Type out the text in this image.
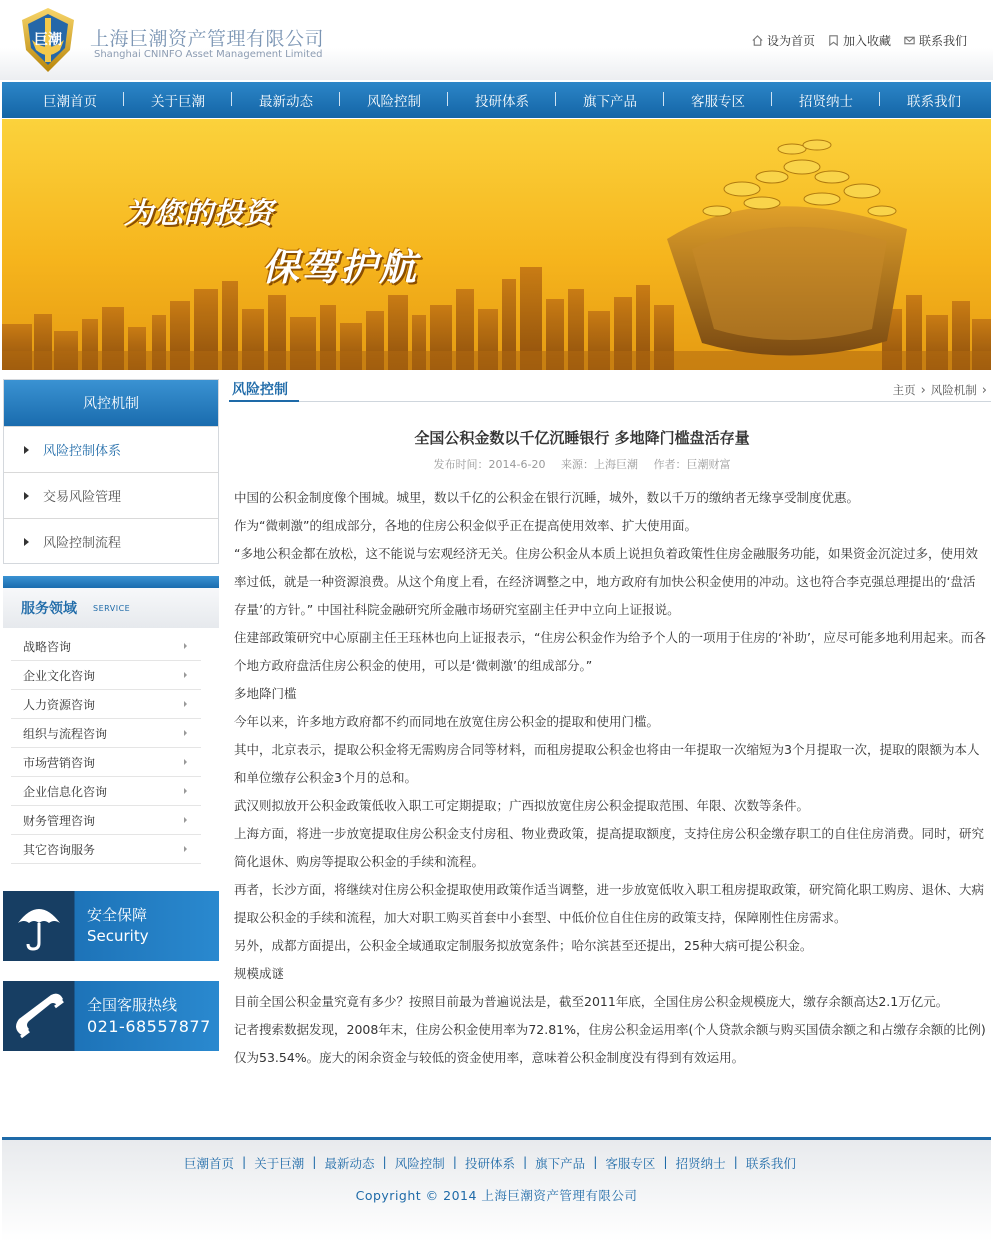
巨潮 上海巨潮资产管理有限公司
Shanghai CNINFO Asset Management Limited
设为首页 加入收藏 联系我们
巨潮首页	关于巨潮	最新动态	风险控制	投研体系	旗下产品	客服专区	招贤纳士	联系我们
为您的投资
保驾护航
风控机制
风险控制体系
交易风险管理
风险控制流程
服务领域 SERVICE
战略咨询
企业文化咨询
人力资源咨询
组织与流程咨询
市场营销咨询
企业信息化咨询
财务管理咨询
其它咨询服务
安全保障
Security
全国客服热线
021-68557877
风险控制	主页 › 风险机制 ›
全国公积金数以千亿沉睡银行 多地降门槛盘活存量
发布时间：2014-6-20 来源：上海巨潮 作者：巨潮财富

中国的公积金制度像个围城。城里，数以千亿的公积金在银行沉睡，城外，数以千万的缴纳者无缘享受制度优惠。

作为“微刺激”的组成部分，各地的住房公积金似乎正在提高使用效率、扩大使用面。

“多地公积金都在放松，这不能说与宏观经济无关。住房公积金从本质上说担负着政策性住房金融服务功能，如果资金沉淀过多，使用效率过低，就是一种资源浪费。从这个角度上看，在经济调整之中，地方政府有加快公积金使用的冲动。这也符合李克强总理提出的‘盘活存量’的方针。” 中国社科院金融研究所金融市场研究室副主任尹中立向上证报说。

住建部政策研究中心原副主任王珏林也向上证报表示，“住房公积金作为给予个人的一项用于住房的‘补助’，应尽可能多地利用起来。而各个地方政府盘活住房公积金的使用，可以是‘微刺激’的组成部分。”

多地降门槛

今年以来，许多地方政府都不约而同地在放宽住房公积金的提取和使用门槛。

其中，北京表示，提取公积金将无需购房合同等材料，而租房提取公积金也将由一年提取一次缩短为3个月提取一次，提取的限额为本人和单位缴存公积金3个月的总和。

武汉则拟放开公积金政策低收入职工可定期提取；广西拟放宽住房公积金提取范围、年限、次数等条件。

上海方面，将进一步放宽提取住房公积金支付房租、物业费政策，提高提取额度，支持住房公积金缴存职工的自住住房消费。同时，研究简化退休、购房等提取公积金的手续和流程。

再者，长沙方面，将继续对住房公积金提取使用政策作适当调整，进一步放宽低收入职工租房提取政策，研究简化职工购房、退休、大病提取公积金的手续和流程，加大对职工购买首套中小套型、中低价位自住住房的政策支持，保障刚性住房需求。

另外，成都方面提出，公积金全域通取定制服务拟放宽条件；哈尔滨甚至还提出，25种大病可提公积金。

规模成谜

目前全国公积金量究竟有多少？按照目前最为普遍说法是，截至2011年底，全国住房公积金规模庞大，缴存余额高达2.1万亿元。

记者搜索数据发现，2008年末，住房公积金使用率为72.81%，住房公积金运用率(个人贷款余额与购买国债余额之和占缴存余额的比例)仅为53.54%。庞大的闲余资金与较低的资金使用率，意味着公积金制度没有得到有效运用。

巨潮首页 | 关于巨潮 | 最新动态 | 风险控制 | 投研体系 | 旗下产品 | 客服专区 | 招贤纳士 | 联系我们
Copyright © 2014 上海巨潮资产管理有限公司
